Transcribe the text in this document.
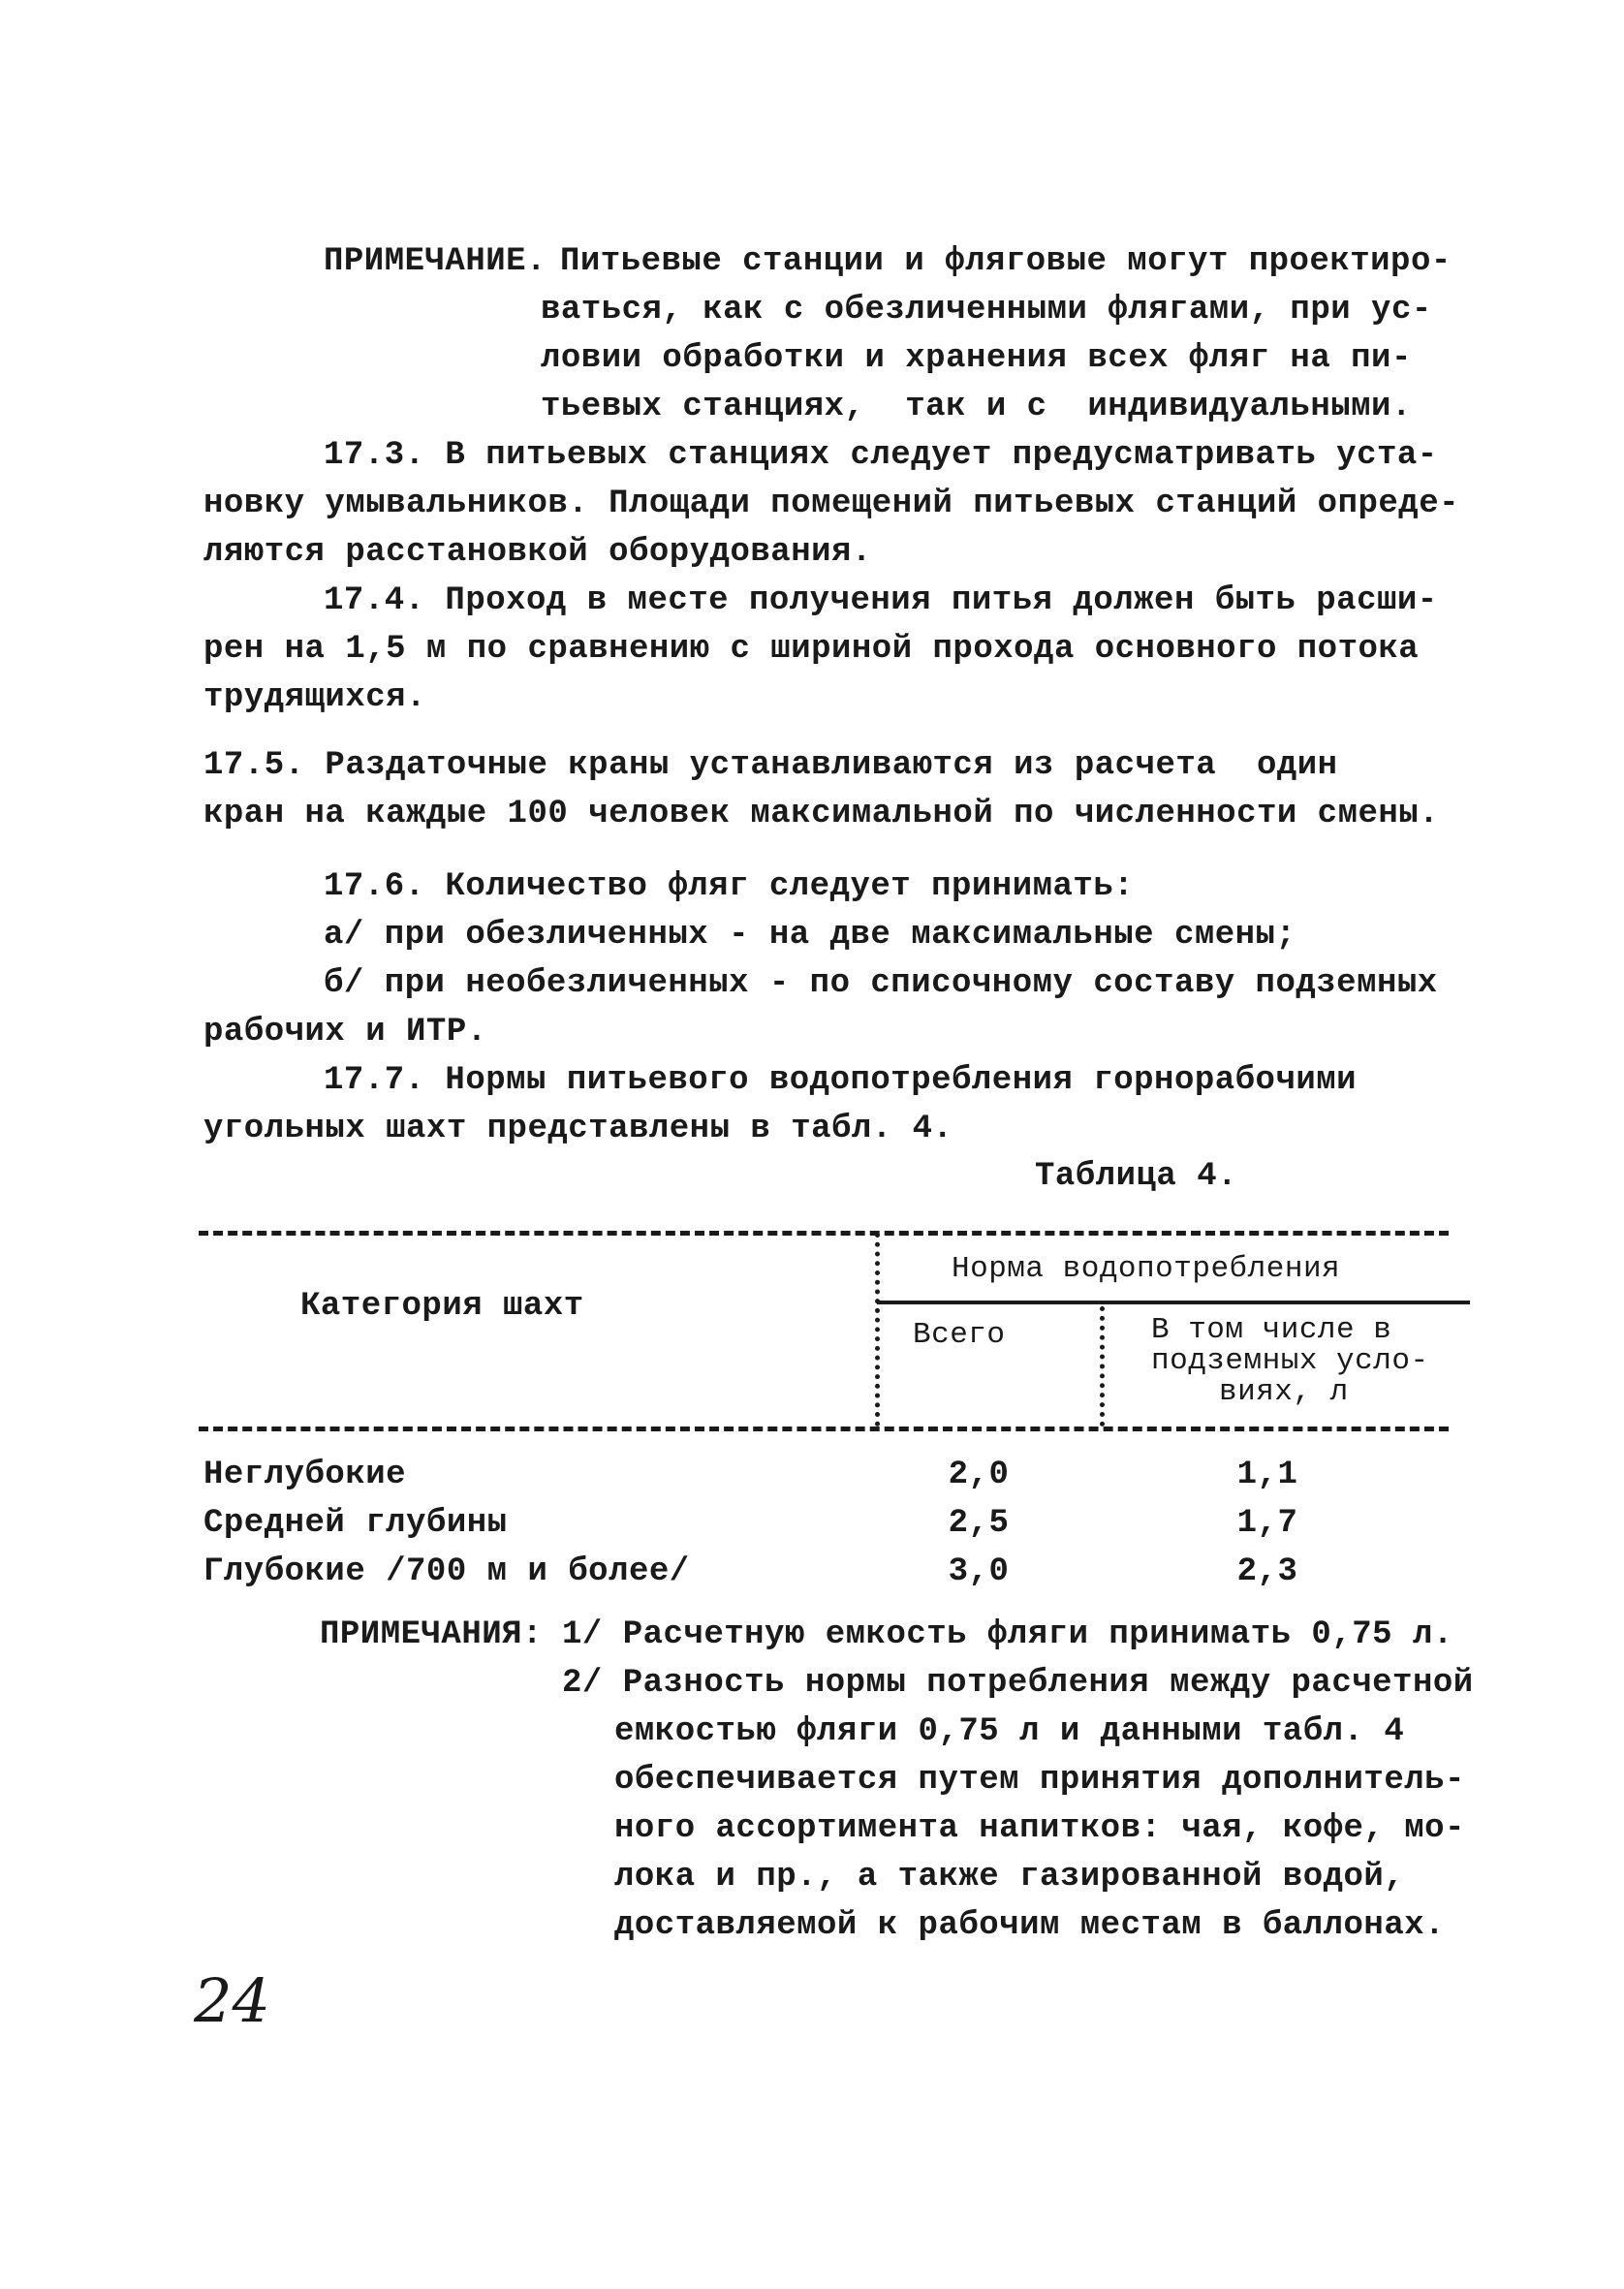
ПРИМЕЧАНИЕ. Питьевые станции и фляговые могут проектиро-
ваться, как с обезличенными флягами, при ус-
ловии обработки и хранения всех фляг на пи-
тьевых станциях,  так и с  индивидуальными.
17.3. В питьевых станциях следует предусматривать уста-
новку умывальников. Площади помещений питьевых станций опреде-
ляются расстановкой оборудования.
17.4. Проход в месте получения питья должен быть расши-
рен на 1,5 м по сравнению с шириной прохода основного потока
трудящихся.
17.5. Раздаточные краны устанавливаются из расчета  один
кран на каждые 100 человек максимальной по численности смены.
17.6. Количество фляг следует принимать:
а/ при обезличенных - на две максимальные смены;
б/ при необезличенных - по списочному составу подземных
рабочих и ИТР.
17.7. Нормы питьевого водопотребления горнорабочими
угольных шахт представлены в табл. 4.
Таблица 4.
Категория шахт
Норма водопотребления
Всего	В том числе в
подземных усло-
виях, л
Неглубокие	2,0	1,1
Средней глубины	2,5	1,7
Глубокие /700 м и более/	3,0	2,3
ПРИМЕЧАНИЯ: 1/ Расчетную емкость фляги принимать 0,75 л.
2/ Разность нормы потребления между расчетной
емкостью фляги 0,75 л и данными табл. 4
обеспечивается путем принятия дополнитель-
ного ассортимента напитков: чая, кофе, мо-
лока и пр., а также газированной водой,
доставляемой к рабочим местам в баллонах.
24
